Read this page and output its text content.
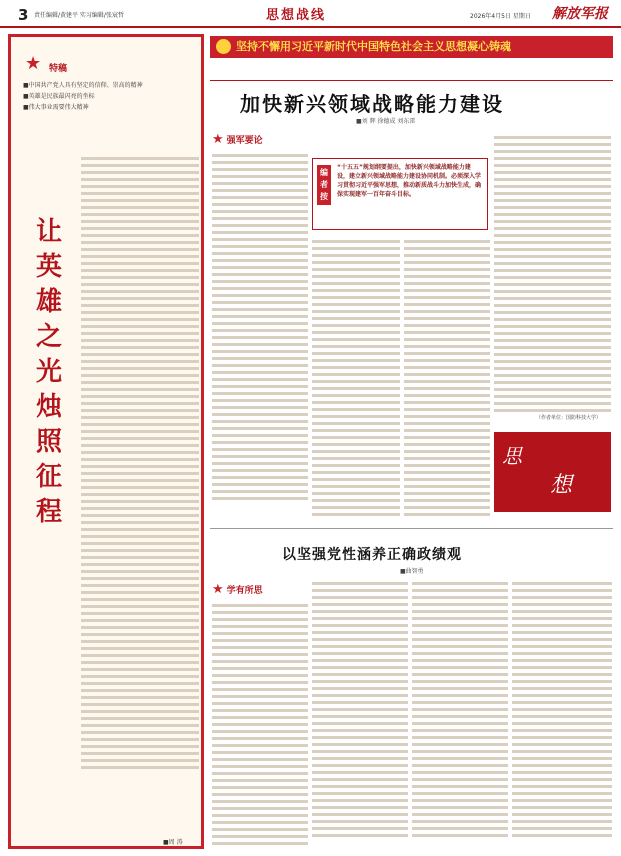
3 责任编辑/黄建平 实习编辑/张宸哲	思想战线	2026年4月5日 星期日 解放军报
★ 特稿
■中国共产党人具有坚定的信仰、崇高的精神
■英雄是民族最闪亮的坐标
■伟大事业需要伟大精神
让英雄之光烛照征程
■周 涛
坚持不懈用习近平新时代中国特色社会主义思想凝心铸魂
加快新兴领域战略能力建设
■刘 辉 徐德成 刘东雷
★ 强军要论
编者按
“十五五”规划纲要提出，加快新兴领域战略能力建设，建立新兴领域战略能力建设协同机制。必须深入学习贯彻习近平强军思想，推动新质战斗力加快生成，确保实现建军一百年奋斗目标。
（作者单位：国防科技大学）
思
想
以坚强党性涵养正确政绩观
■曲智勇
★ 学有所思
